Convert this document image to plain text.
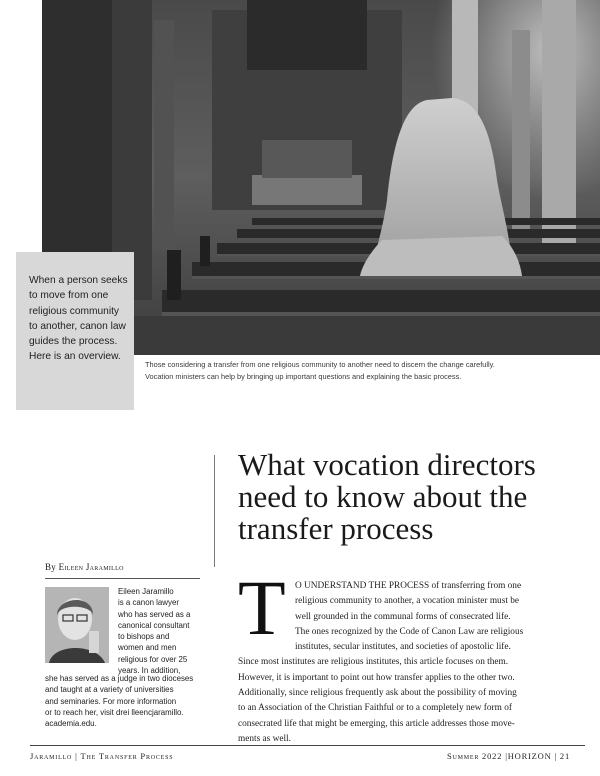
When a person seeks to move from one religious community to another, canon law guides the process. Here is an overview.

Those considering a transfer from one religious community to another need to discern the change carefully.
Vocation ministers can help by bringing up important questions and explaining the basic process.
What vocation directors need to know about the transfer process
By Eileen Jaramillo
Eileen Jaramillo
is a canon lawyer
who has served as a
canonical consultant
to bishops and
women and men
religious for over 25
years. In addition,
she has served as a judge in two dioceses
and taught at a variety of universities
and seminaries. For more information
or to reach her, visit drei lleencjaramillo.
academia.edu.
T	O UNDERSTAND THE PROCESS of transferring from one
religious community to another, a vocation minister must be
well grounded in the communal forms of consecrated life.
The ones recognized by the Code of Canon Law are religious
institutes, secular institutes, and societies of apostolic life.
Since most institutes are religious institutes, this article focuses on them.
However, it is important to point out how transfer applies to the other two.
Additionally, since religious frequently ask about the possibility of moving
to an Association of the Christian Faithful or to a completely new form of
consecrated life that might be emerging, this article addresses those move-
ments as well.
Jaramillo | The Transfer Process	Summer 2022 |HORIZON | 21
